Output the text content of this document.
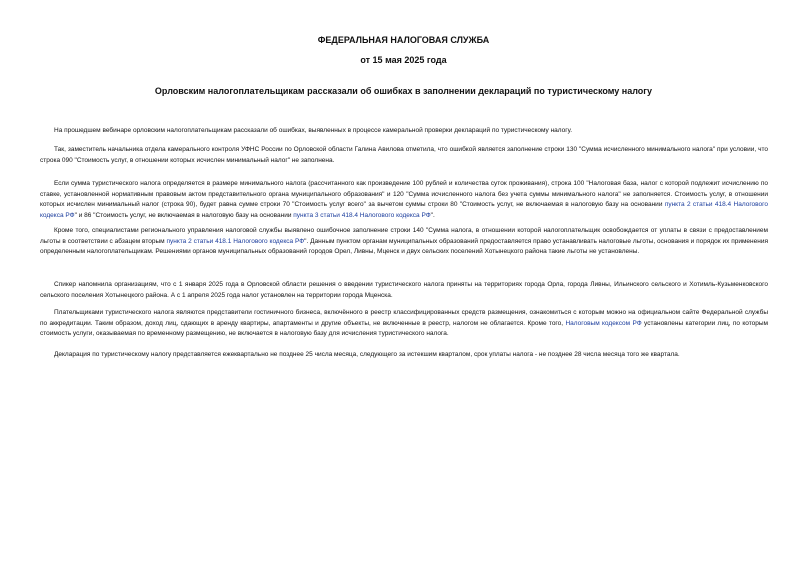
ФЕДЕРАЛЬНАЯ НАЛОГОВАЯ СЛУЖБА
от 15 мая 2025 года
Орловским налогоплательщикам рассказали об ошибках в заполнении деклараций по туристическому налогу

На прошедшем вебинаре орловским налогоплательщикам рассказали об ошибках, выявленных в процессе камеральной проверки деклараций по туристическому налогу.

Так, заместитель начальника отдела камерального контроля УФНС России по Орловской области Галина Авилова отметила, что ошибкой является заполнение строки 130 "Сумма исчисленного минимального налога" при условии, что строка 090 "Стоимость услуг, в отношении которых исчислен минимальный налог" не заполнена.

Если сумма туристического налога определяется в размере минимального налога (рассчитанного как произведение 100 рублей и количества суток проживания), строка 100 "Налоговая база, налог с которой подлежит исчислению по ставке, установленной нормативным правовым актом представительного органа муниципального образования" и 120 "Сумма исчисленного налога без учета суммы минимального налога" не заполняется. Стоимость услуг, в отношении которых исчислен минимальный налог (строка 90), будет равна сумме строки 70 "Стоимость услуг всего" за вычетом суммы строки 80 "Стоимость услуг, не включаемая в налоговую базу на основании пункта 2 статьи 418.4 Налогового кодекса РФ" и 86 "Стоимость услуг, не включаемая в налоговую базу на основании пункта 3 статьи 418.4 Налогового кодекса РФ".

Кроме того, специалистами регионального управления налоговой службы выявлено ошибочное заполнение строки 140 "Сумма налога, в отношении которой налогоплательщик освобождается от уплаты в связи с предоставлением льготы в соответствии с абзацем вторым пункта 2 статьи 418.1 Налогового кодекса РФ". Данным пунктом органам муниципальных образований предоставляется право устанавливать налоговые льготы, основания и порядок их применения определенным налогоплательщикам. Решениями органов муниципальных образований городов Орел, Ливны, Мценск и двух сельских поселений Хотынецкого района такие льготы не установлены.

Спикер напомнила организациям, что с 1 января 2025 года в Орловской области решения о введении туристического налога приняты на территориях города Орла, города Ливны, Ильинского сельского и Хотимль-Кузьменковского сельского поселения Хотынецкого района. А с 1 апреля 2025 года налог установлен на территории города Мценска.

Плательщиками туристического налога являются представители гостиничного бизнеса, включённого в реестр классифицированных средств размещения, ознакомиться с которым можно на официальном сайте Федеральной службы по аккредитации. Таким образом, доход лиц, сдающих в аренду квартиры, апартаменты и другие объекты, не включенные в реестр, налогом не облагается. Кроме того, Налоговым кодексом РФ установлены категории лиц, по которым стоимость услуги, оказываемая по временному размещению, не включается в налоговую базу для исчисления туристического налога.

Декларация по туристическому налогу представляется ежеквартально не позднее 25 числа месяца, следующего за истекшим кварталом, срок уплаты налога - не позднее 28 числа месяца того же квартала.
